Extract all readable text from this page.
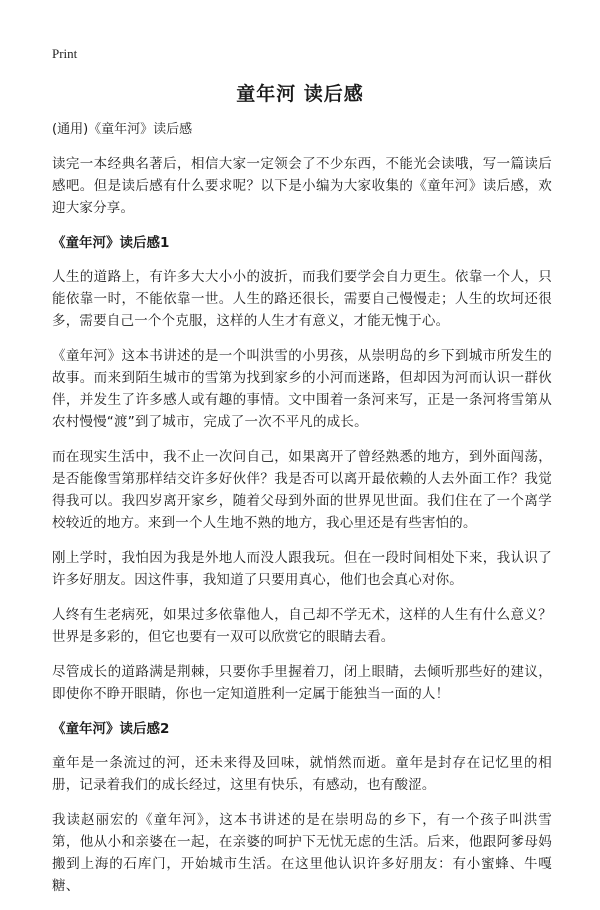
Print
童年河 读后感

(通用)《童年河》读后感

读完一本经典名著后，相信大家一定领会了不少东西，不能光会读哦，写一篇读后感吧。但是读后感有什么要求呢？以下是小编为大家收集的《童年河》读后感，欢迎大家分享。

《童年河》读后感1

人生的道路上，有许多大大小小的波折，而我们要学会自力更生。依靠一个人，只能依靠一时，不能依靠一世。人生的路还很长，需要自己慢慢走；人生的坎坷还很多，需要自己一个个克服，这样的人生才有意义，才能无愧于心。

《童年河》这本书讲述的是一个叫洪雪的小男孩，从崇明岛的乡下到城市所发生的故事。而来到陌生城市的雪第为找到家乡的小河而迷路，但却因为河而认识一群伙伴，并发生了许多感人或有趣的事情。文中围着一条河来写，正是一条河将雪第从农村慢慢“渡”到了城市，完成了一次不平凡的成长。

而在现实生活中，我不止一次问自己，如果离开了曾经熟悉的地方，到外面闯荡，是否能像雪第那样结交许多好伙伴？我是否可以离开最依赖的人去外面工作？我觉得我可以。我四岁离开家乡，随着父母到外面的世界见世面。我们住在了一个离学校较近的地方。来到一个人生地不熟的地方，我心里还是有些害怕的。

刚上学时，我怕因为我是外地人而没人跟我玩。但在一段时间相处下来，我认识了许多好朋友。因这件事，我知道了只要用真心，他们也会真心对你。

人终有生老病死，如果过多依靠他人，自己却不学无术，这样的人生有什么意义？世界是多彩的，但它也要有一双可以欣赏它的眼睛去看。

尽管成长的道路满是荆棘，只要你手里握着刀，闭上眼睛，去倾听那些好的建议，即使你不睁开眼睛，你也一定知道胜利一定属于能独当一面的人！

《童年河》读后感2

童年是一条流过的河，还未来得及回味，就悄然而逝。童年是封存在记忆里的相册，记录着我们的成长经过，这里有快乐，有感动，也有酸涩。

我读赵丽宏的《童年河》，这本书讲述的是在崇明岛的乡下，有一个孩子叫洪雪第，他从小和亲婆在一起，在亲婆的呵护下无忧无虑的生活。后来，他跟阿爹母妈搬到上海的石库门，开始城市生活。在这里他认识许多好朋友：有小蜜蜂、牛嘎糖、
